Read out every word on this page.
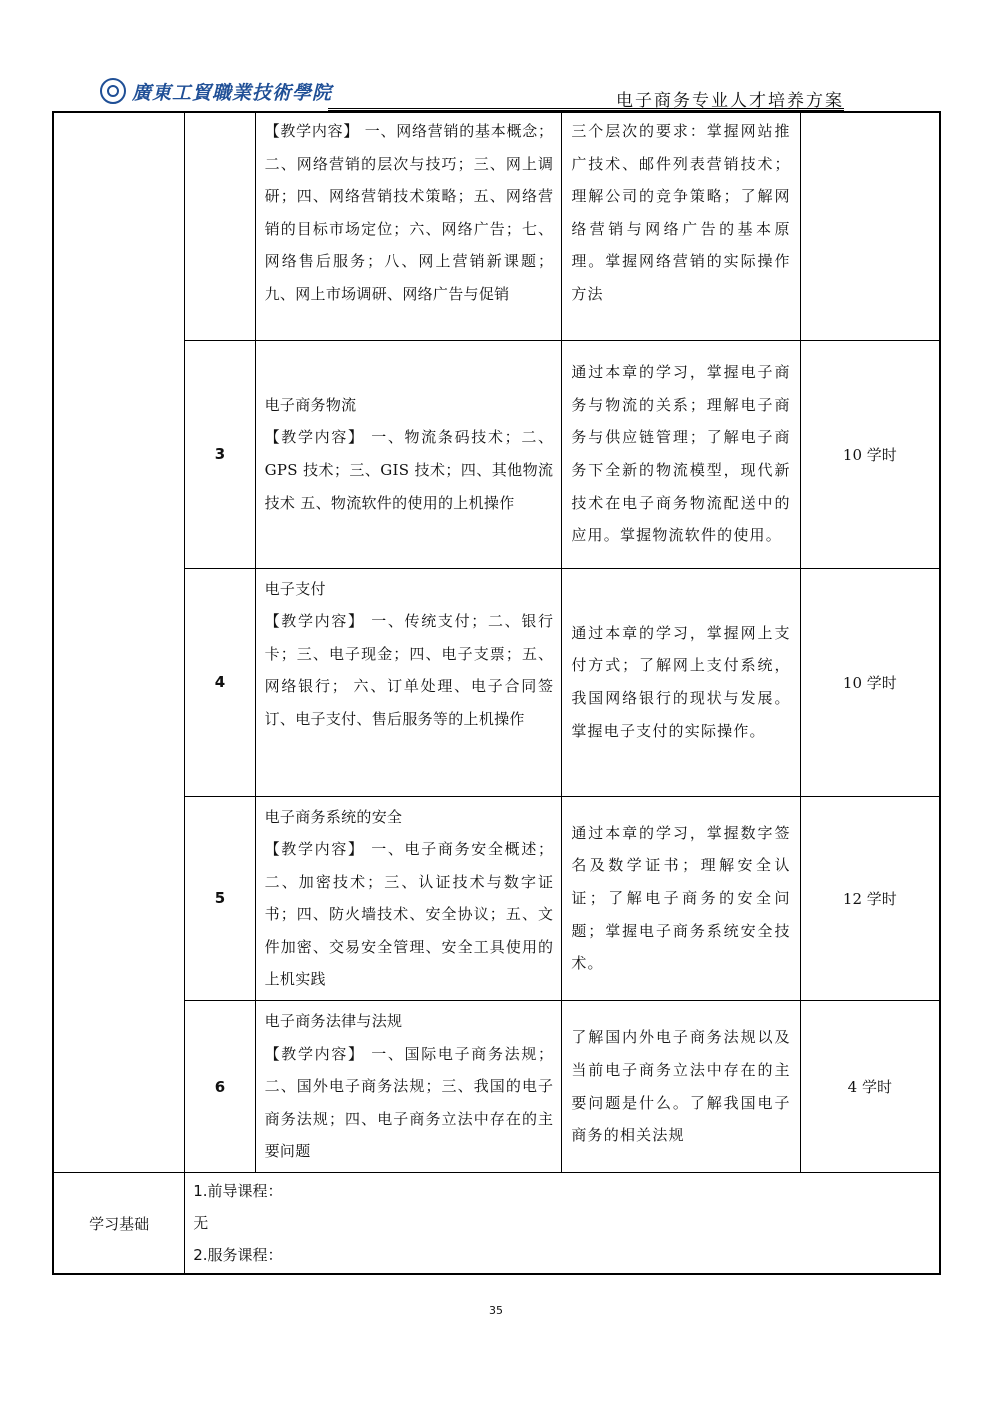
廣東工貿職業技術學院	电子商务专业人才培养方案

		【教学内容】 一、网络营销的基本概念；二、网络营销的层次与技巧；三、网上调研；四、网络营销技术策略；五、网络营销的目标市场定位；六、网络广告；七、网络售后服务；八、网上营销新课题；九、网上市场调研、网络广告与促销	三个层次的要求：掌握网站推广技术、邮件列表营销技术；理解公司的竞争策略；了解网络营销与网络广告的基本原理。掌握网络营销的实际操作方法	

	3	电子商务物流
【教学内容】 一、物流条码技术；二、GPS 技术；三、GIS 技术；四、其他物流技术 五、物流软件的使用的上机操作	通过本章的学习，掌握电子商务与物流的关系；理解电子商务与供应链管理；了解电子商务下全新的物流模型，现代新技术在电子商务物流配送中的应用。掌握物流软件的使用。	10 学时
	4	电子支付
【教学内容】 一、传统支付；二、银行卡；三、电子现金；四、电子支票；五、网络银行； 六、订单处理、电子合同签订、电子支付、售后服务等的上机操作	通过本章的学习，掌握网上支付方式；了解网上支付系统，我国网络银行的现状与发展。掌握电子支付的实际操作。	10 学时
	5	电子商务系统的安全
【教学内容】 一、电子商务安全概述；二、加密技术；三、认证技术与数字证书；四、防火墙技术、安全协议；五、文件加密、交易安全管理、安全工具使用的上机实践	通过本章的学习，掌握数字签名及数学证书；理解安全认证；了解电子商务的安全问题；掌握电子商务系统安全技术。	12 学时
	6	电子商务法律与法规
【教学内容】 一、国际电子商务法规；二、国外电子商务法规；三、我国的电子商务法规；四、电子商务立法中存在的主要问题	了解国内外电子商务法规以及当前电子商务立法中存在的主要问题是什么。了解我国电子商务的相关法规	4 学时
学习基础	1.前导课程：
无
2.服务课程：			
35
